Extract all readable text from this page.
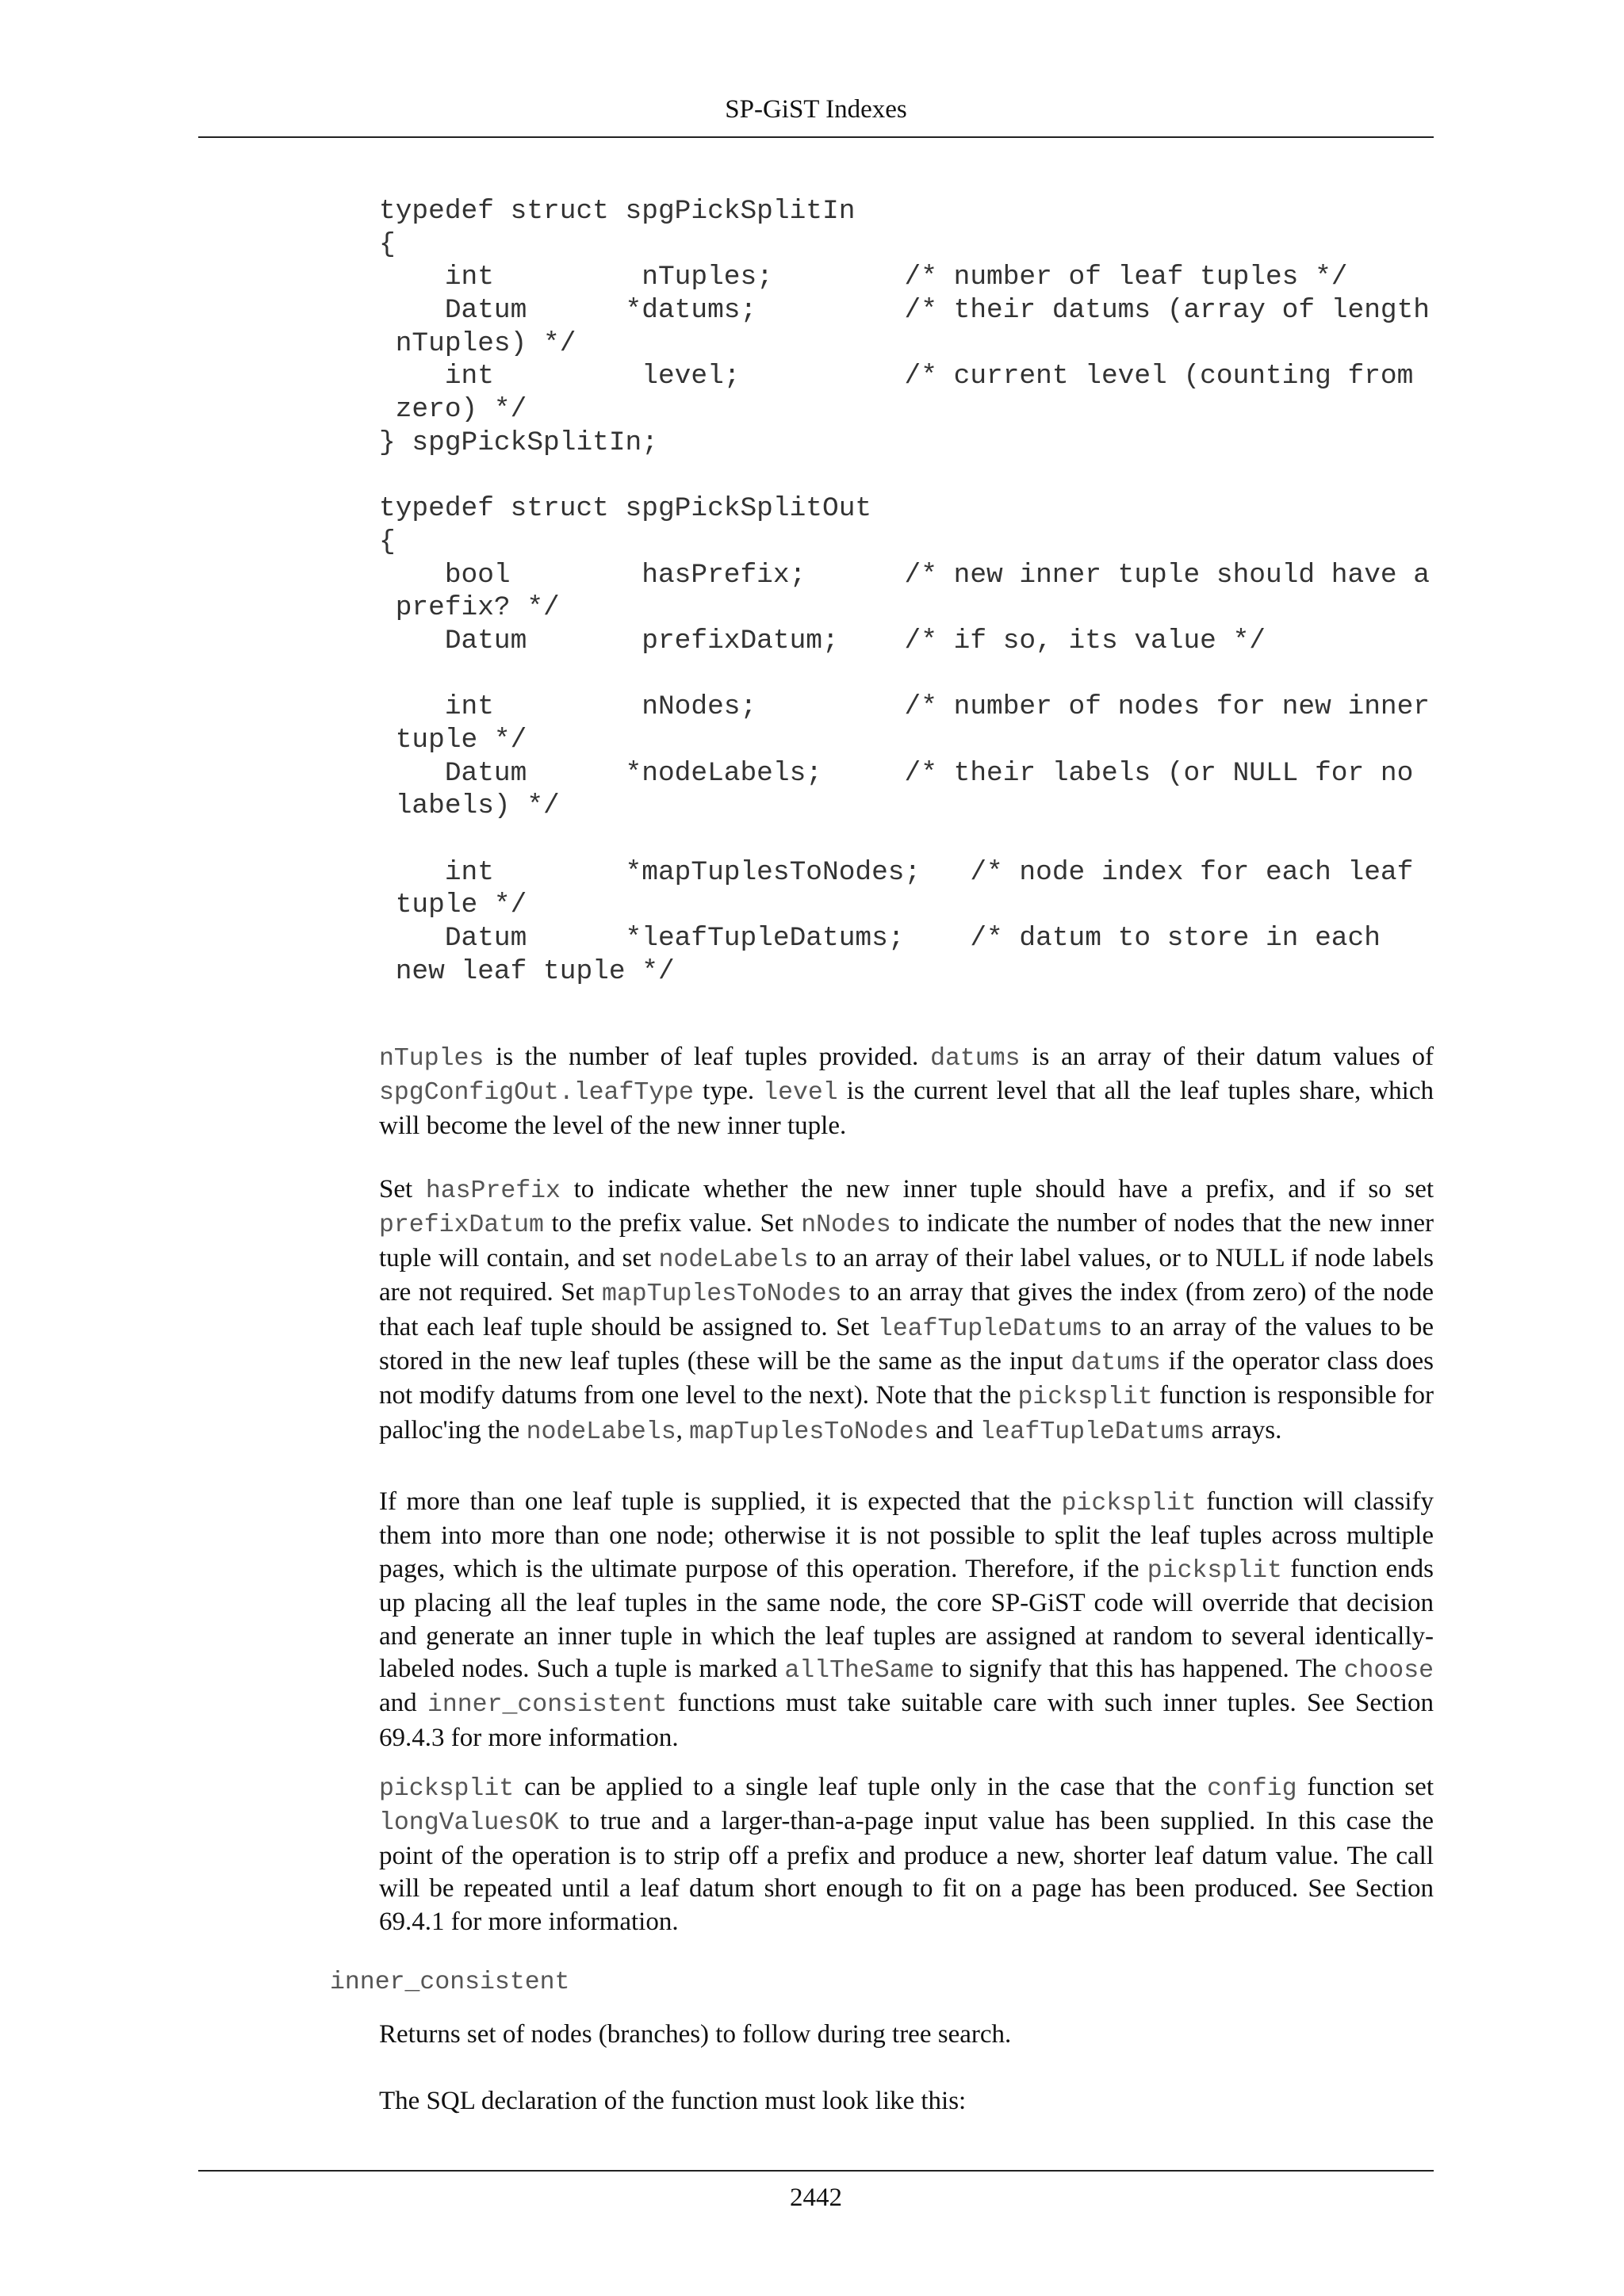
SP-GiST Indexes
typedef struct spgPickSplitIn
{
int         nTuples;        /* number of leaf tuples */
Datum      *datums;         /* their datums (array of length
nTuples) */
int         level;          /* current level (counting from
zero) */
} spgPickSplitIn;
typedef struct spgPickSplitOut
{
bool        hasPrefix;      /* new inner tuple should have a
prefix? */
Datum       prefixDatum;    /* if so, its value */
int         nNodes;         /* number of nodes for new inner
tuple */
Datum      *nodeLabels;     /* their labels (or NULL for no
labels) */
int        *mapTuplesToNodes;   /* node index for each leaf
tuple */
Datum      *leafTupleDatums;    /* datum to store in each
new leaf tuple */

nTuples is the number of leaf tuples provided. datums is an array of their datum values of spgConfigOut.leafType type. level is the current level that all the leaf tuples share, which will become the level of the new inner tuple.

Set hasPrefix to indicate whether the new inner tuple should have a prefix, and if so set prefixDatum to the prefix value. Set nNodes to indicate the number of nodes that the new inner tuple will contain, and set nodeLabels to an array of their label values, or to NULL if node labels are not required. Set mapTuplesToNodes to an array that gives the index (from zero) of the node that each leaf tuple should be assigned to. Set leafTupleDatums to an array of the values to be stored in the new leaf tuples (these will be the same as the input datums if the operator class does not modify datums from one level to the next). Note that the picksplit function is responsible for palloc'ing the nodeLabels, mapTuplesToNodes and leafTupleDatums arrays.

If more than one leaf tuple is supplied, it is expected that the picksplit function will classify them into more than one node; otherwise it is not possible to split the leaf tuples across multiple pages, which is the ultimate purpose of this operation. Therefore, if the picksplit function ends up placing all the leaf tuples in the same node, the core SP-GiST code will override that decision and generate an inner tuple in which the leaf tuples are assigned at random to several identically-labeled nodes. Such a tuple is marked allTheSame to signify that this has happened. The choose and inner_consistent functions must take suitable care with such inner tuples. See Section 69.4.3 for more information.

picksplit can be applied to a single leaf tuple only in the case that the config function set longValuesOK to true and a larger-than-a-page input value has been supplied. In this case the point of the operation is to strip off a prefix and produce a new, shorter leaf datum value. The call will be repeated until a leaf datum short enough to fit on a page has been produced. See Section 69.4.1 for more information.

inner_consistent

Returns set of nodes (branches) to follow during tree search.

The SQL declaration of the function must look like this:

2442
